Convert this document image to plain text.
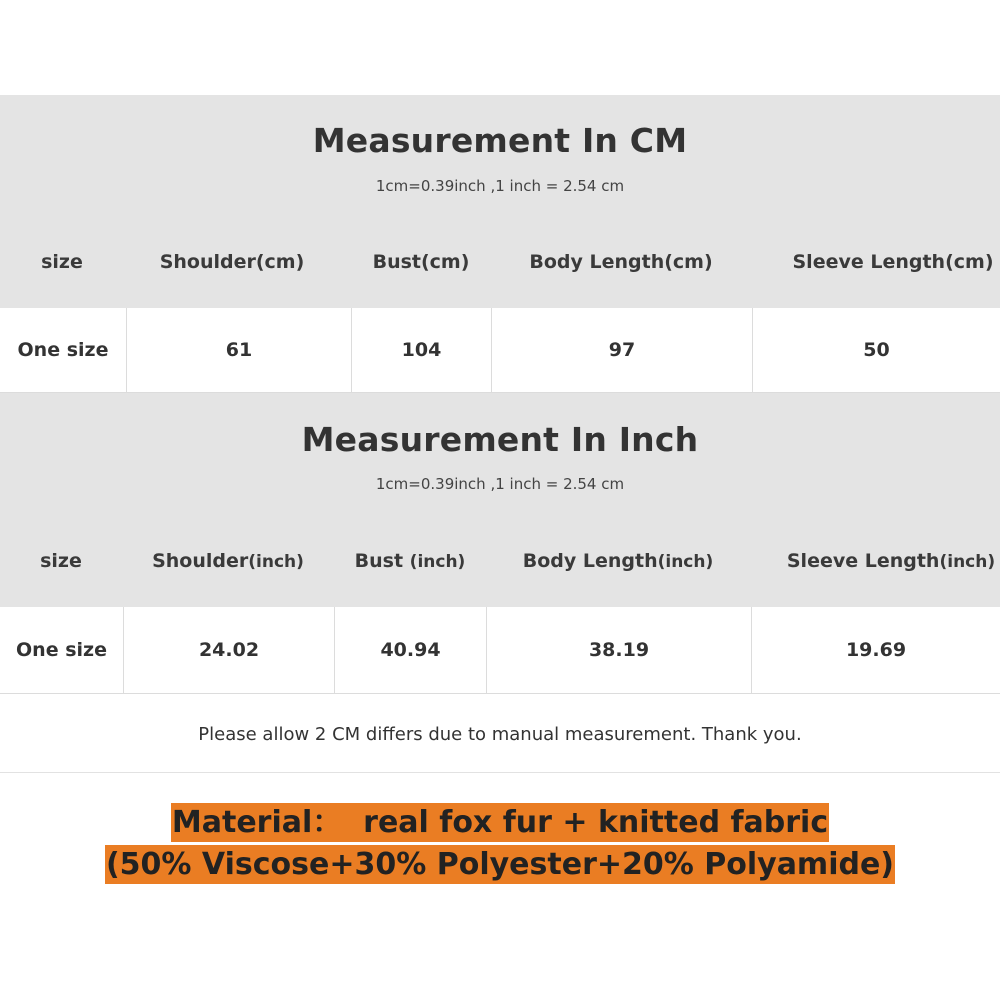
Measurement In CM
1cm=0.39inch ,1 inch = 2.54 cm
size	Shoulder(cm)	Bust(cm)	Body Length(cm)	Sleeve Length(cm)
One size	61	104	97	50
Measurement In Inch
1cm=0.39inch ,1 inch = 2.54 cm
size	Shoulder(inch)	Bust (inch)	Body Length(inch)	Sleeve Length(inch)
One size	24.02	40.94	38.19	19.69
Please allow 2 CM differs due to manual measurement. Thank you.
Material：  real fox fur + knitted fabric
(50% Viscose+30% Polyester+20% Polyamide)
